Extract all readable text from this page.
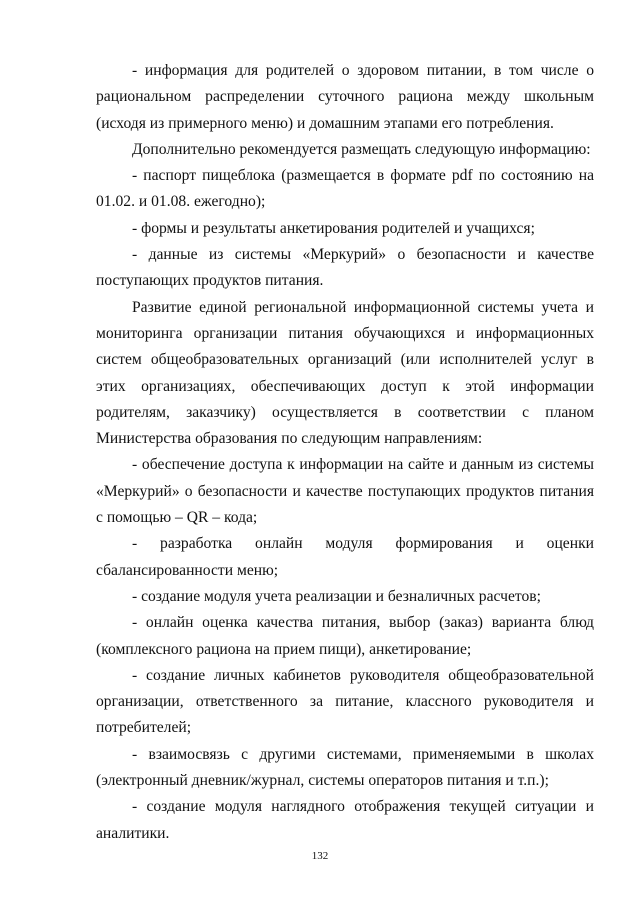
- информация для родителей о здоровом питании, в том числе о рациональном распределении суточного рациона между школьным (исходя из примерного меню) и домашним этапами его потребления.

Дополнительно рекомендуется размещать следующую информацию:

- паспорт пищеблока (размещается в формате pdf по состоянию на 01.02. и 01.08. ежегодно);

- формы и результаты анкетирования родителей и учащихся;

- данные из системы «Меркурий» о безопасности и качестве поступающих продуктов питания.

Развитие единой региональной информационной системы учета и мониторинга организации питания обучающихся и информационных систем общеобразовательных организаций (или исполнителей услуг в этих организациях, обеспечивающих доступ к этой информации родителям, заказчику) осуществляется в соответствии с планом Министерства образования по следующим направлениям:

- обеспечение доступа к информации на сайте и данным из системы «Меркурий» о безопасности и качестве поступающих продуктов питания с помощью – QR – кода;

- разработка онлайн модуля формирования и оценки сбалансированности меню;

- создание модуля учета реализации и безналичных расчетов;

- онлайн оценка качества питания, выбор (заказ) варианта блюд (комплексного рациона на прием пищи), анкетирование;

- создание личных кабинетов руководителя общеобразовательной организации, ответственного за питание, классного руководителя и потребителей;

- взаимосвязь с другими системами, применяемыми в школах (электронный дневник/журнал, системы операторов питания и т.п.);

- создание модуля наглядного отображения текущей ситуации и аналитики.

132
